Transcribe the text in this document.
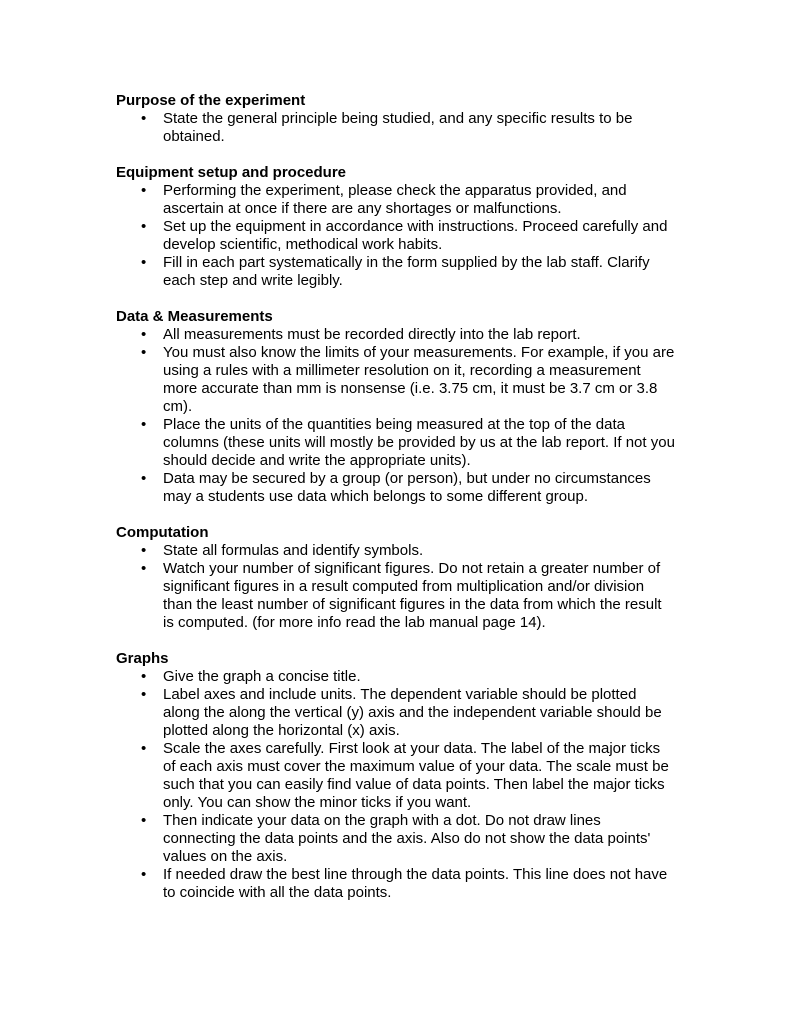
Purpose of the experiment

• State the general principle being studied, and any specific results to be obtained.

Equipment setup and procedure

• Performing the experiment, please check the apparatus provided, and ascertain at once if there are any shortages or malfunctions.
• Set up the equipment in accordance with instructions. Proceed carefully and develop scientific, methodical work habits.
• Fill in each part systematically in the form supplied by the lab staff. Clarify each step and write legibly.

Data & Measurements

• All measurements must be recorded directly into the lab report.
• You must also know the limits of your measurements. For example, if you are using a rules with a millimeter resolution on it, recording a measurement more accurate than mm is nonsense (i.e. 3.75 cm, it must be 3.7 cm or 3.8 cm).
• Place the units of the quantities being measured at the top of the data columns (these units will mostly be provided by us at the lab report. If not you should decide and write the appropriate units).
• Data may be secured by a group (or person), but under no circumstances may a students use data which belongs to some different group.

Computation

• State all formulas and identify symbols.
• Watch your number of significant figures. Do not retain a greater number of significant figures in a result computed from multiplication and/or division than the least number of significant figures in the data from which the result is computed. (for more info read the lab manual page 14).

Graphs

• Give the graph a concise title.
• Label axes and include units. The dependent variable should be plotted along the along the vertical (y) axis and the independent variable should be plotted along the horizontal (x) axis.
• Scale the axes carefully. First look at your data. The label of the major ticks of each axis must cover the maximum value of your data. The scale must be such that you can easily find value of data points. Then label the major ticks only. You can show the minor ticks if you want.
• Then indicate your data on the graph with a dot. Do not draw lines connecting the data points and the axis. Also do not show the data points' values on the axis.
• If needed draw the best line through the data points. This line does not have to coincide with all the data points.
